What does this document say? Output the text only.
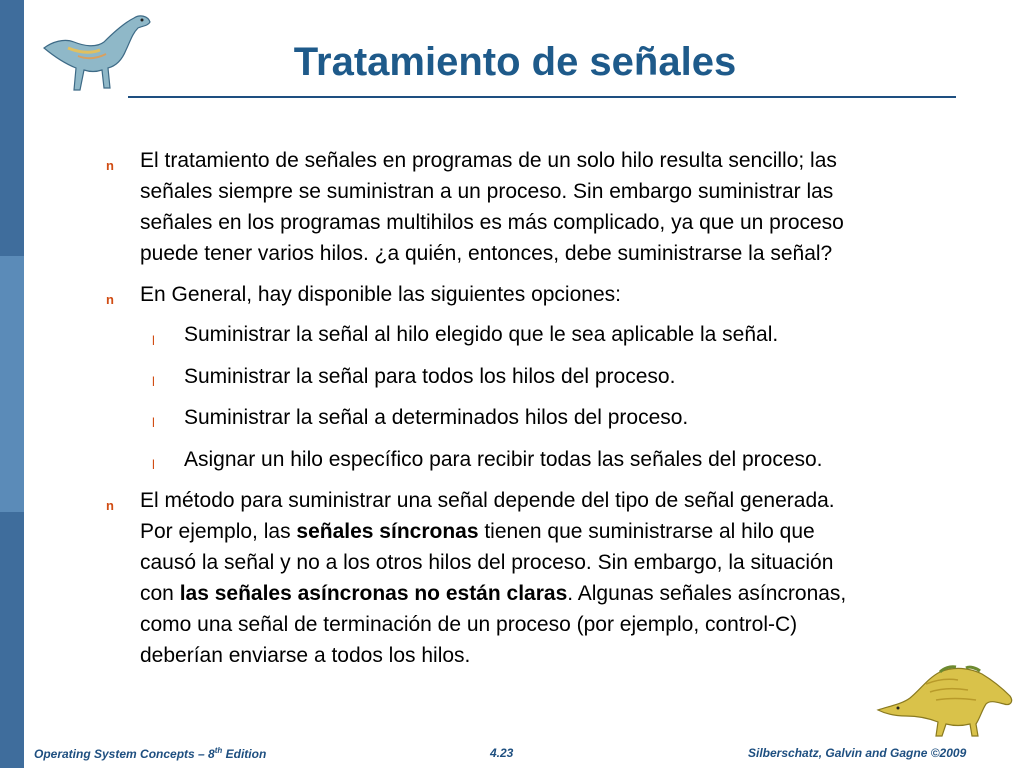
Tratamiento de señales
n El tratamiento de señales en programas de un solo hilo resulta sencillo; las
señales siempre se suministran a un proceso. Sin embargo suministrar las
señales en los programas multihilos es más complicado, ya que un proceso
puede tener varios hilos. ¿a quién, entonces, debe suministrarse la señal?
n En General, hay disponible las siguientes opciones:
l Suministrar la señal al hilo elegido que le sea aplicable la señal.
l Suministrar la señal para todos los hilos del proceso.
l Suministrar la señal a determinados hilos del proceso.
l Asignar un hilo específico para recibir todas las señales del proceso.
n El método para suministrar una señal depende del tipo de señal generada.
Por ejemplo, las señales síncronas tienen que suministrarse al hilo que
causó la señal y no a los otros hilos del proceso. Sin embargo, la situación
con las señales asíncronas no están claras. Algunas señales asíncronas,
como una señal de terminación de un proceso (por ejemplo, control-C)
deberían enviarse a todos los hilos.
Operating System Concepts – 8th Edition	4.23	Silberschatz, Galvin and Gagne ©2009
